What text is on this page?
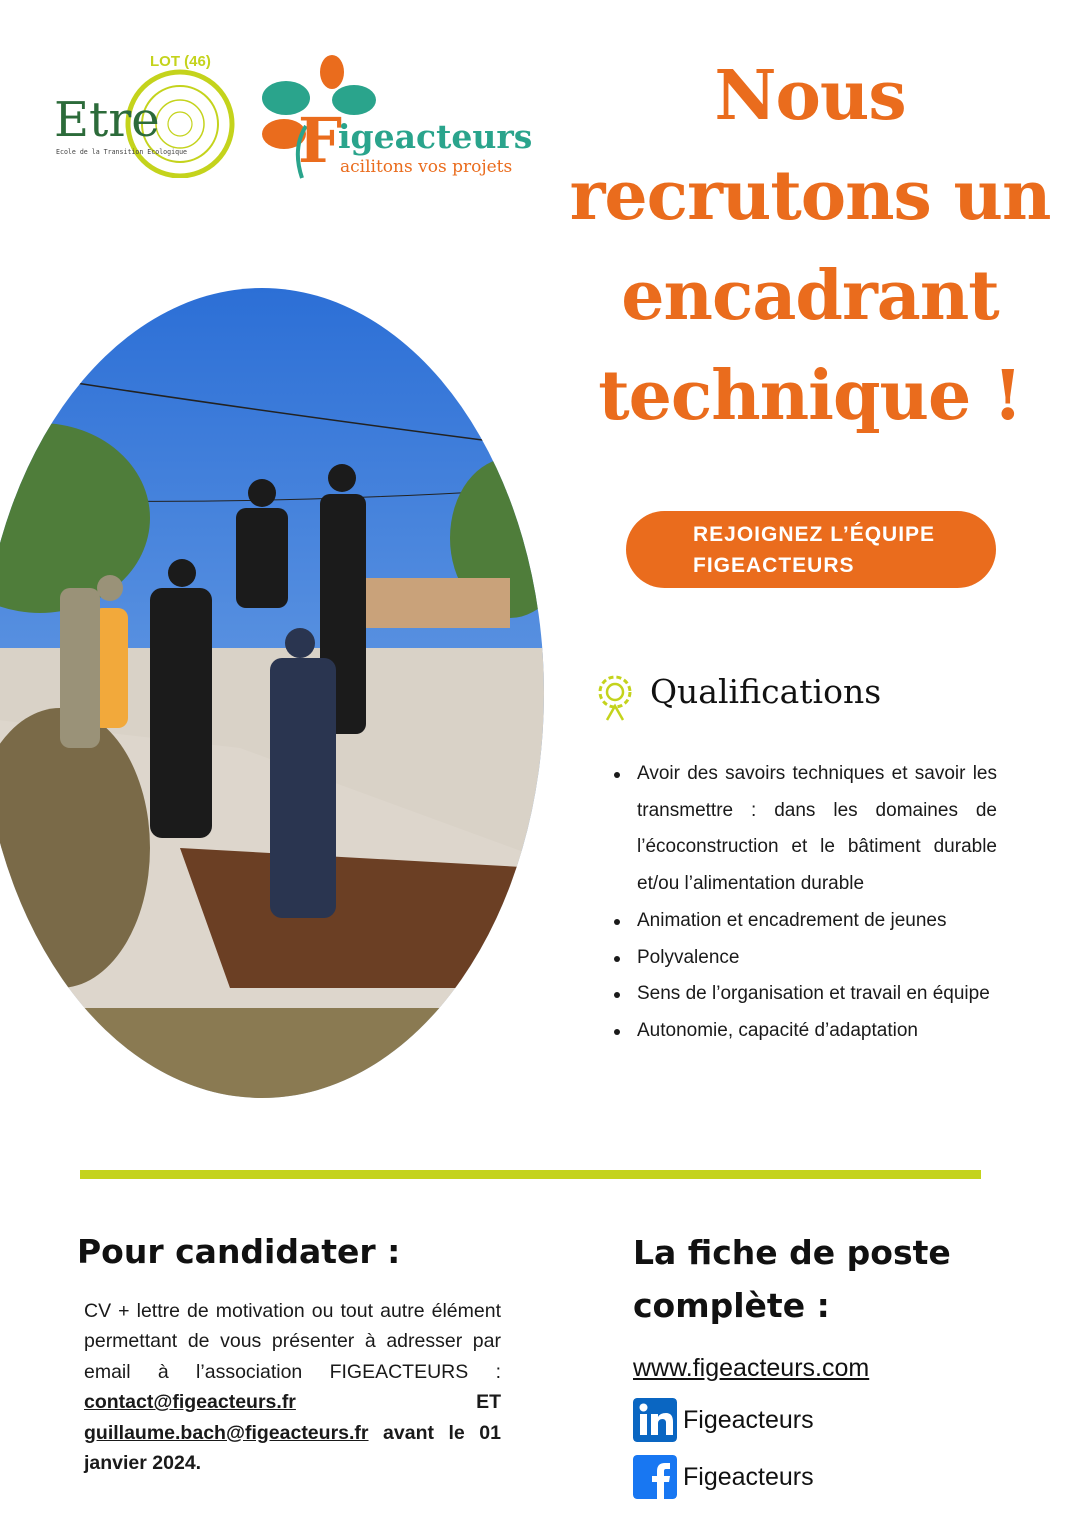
LOT (46)
Etre
Ecole de la Transition Ecologique F
igeacteurs
acilitons vos projets
Nous
recrutons un
encadrant
technique !
REJOIGNEZ L’ÉQUIPE
FIGEACTEURS
Qualifications
Avoir des savoirs techniques et savoir les transmettre : dans les domaines de l’écoconstruction et le bâtiment durable et/ou l’alimentation durable
Animation et encadrement de jeunes
Polyvalence
Sens de l’organisation et travail en équipe
Autonomie, capacité d’adaptation
Pour candidater :
CV + lettre de motivation ou tout autre élément permettant de vous présenter à adresser par email à l’association FIGEACTEURS : contact@figeacteurs.fr ET guillaume.bach@figeacteurs.fr avant le 01 janvier 2024.
La fiche de poste complète :
www.figeacteurs.com
Figeacteurs
Figeacteurs
